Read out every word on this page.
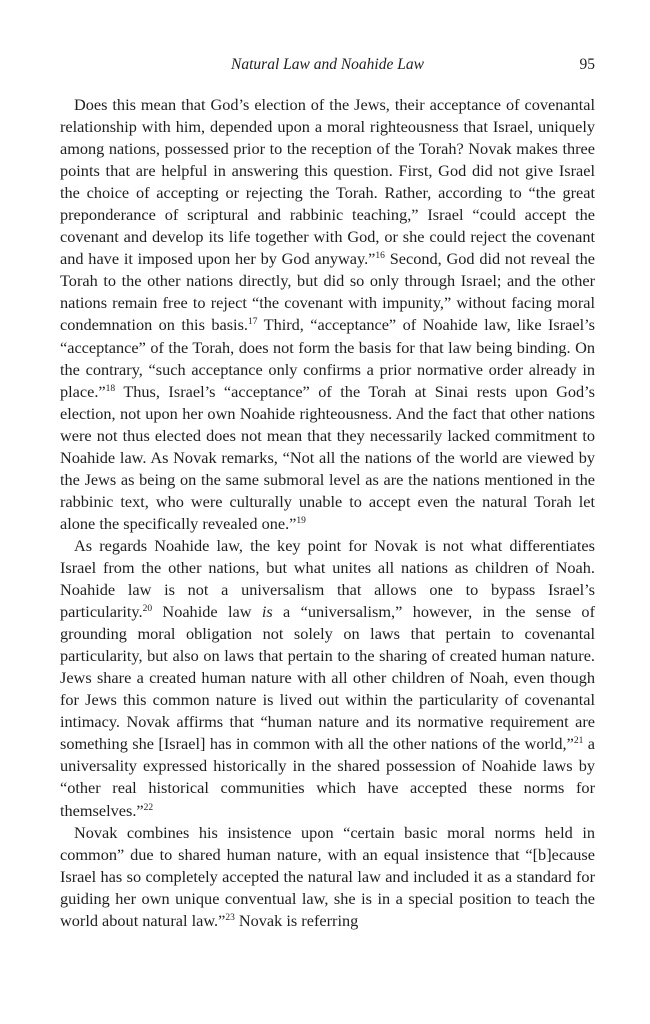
Natural Law and Noahide Law	95

Does this mean that God’s election of the Jews, their acceptance of covenantal relationship with him, depended upon a moral righteousness that Israel, uniquely among nations, possessed prior to the reception of the Torah? Novak makes three points that are helpful in answering this question. First, God did not give Israel the choice of accepting or rejecting the Torah. Rather, according to “the great preponderance of scriptural and rabbinic teaching,” Israel “could accept the covenant and develop its life together with God, or she could reject the covenant and have it imposed upon her by God anyway.”$^{16}$ Second, God did not reveal the Torah to the other nations directly, but did so only through Israel; and the other nations remain free to reject “the covenant with impunity,” without facing moral condemnation on this basis.$^{17}$ Third, “acceptance” of Noahide law, like Israel’s “acceptance” of the Torah, does not form the basis for that law being binding. On the contrary, “such acceptance only confirms a prior normative order already in place.”$^{18}$ Thus, Israel’s “acceptance” of the Torah at Sinai rests upon God’s election, not upon her own Noahide righteousness. And the fact that other nations were not thus elected does not mean that they necessarily lacked commitment to Noahide law. As Novak remarks, “Not all the nations of the world are viewed by the Jews as being on the same submoral level as are the nations mentioned in the rabbinic text, who were culturally unable to accept even the natural Torah let alone the specifically revealed one.”$^{19}$

As regards Noahide law, the key point for Novak is not what differentiates Israel from the other nations, but what unites all nations as children of Noah. Noahide law is not a universalism that allows one to bypass Israel’s particularity.$^{20}$ Noahide law is a “universalism,” however, in the sense of grounding moral obligation not solely on laws that pertain to covenantal particularity, but also on laws that pertain to the sharing of created human nature. Jews share a created human nature with all other children of Noah, even though for Jews this common nature is lived out within the particularity of covenantal intimacy. Novak affirms that “human nature and its normative requirement are something she [Israel] has in common with all the other nations of the world,”$^{21}$ a universality expressed historically in the shared possession of Noahide laws by “other real historical communities which have accepted these norms for themselves.”$^{22}$

Novak combines his insistence upon “certain basic moral norms held in common” due to shared human nature, with an equal insistence that “[b]ecause Israel has so completely accepted the natural law and included it as a standard for guiding her own unique conventual law, she is in a special position to teach the world about natural law.”$^{23}$ Novak is referring
